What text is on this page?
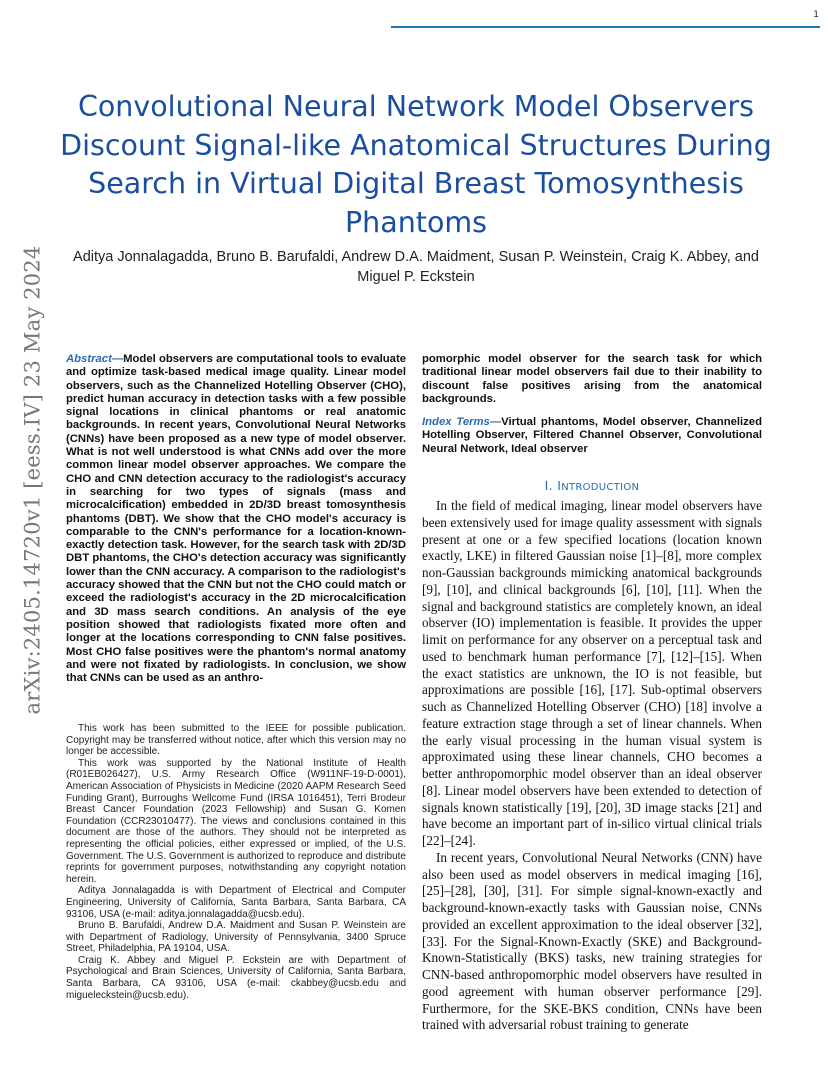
1
arXiv:2405.14720v1 [eess.IV] 23 May 2024
Convolutional Neural Network Model Observers Discount Signal-like Anatomical Structures During Search in Virtual Digital Breast Tomosynthesis Phantoms
Aditya Jonnalagadda, Bruno B. Barufaldi, Andrew D.A. Maidment, Susan P. Weinstein, Craig K. Abbey, and Miguel P. Eckstein
Abstract—Model observers are computational tools to evaluate and optimize task-based medical image quality. Linear model observers, such as the Channelized Hotelling Observer (CHO), predict human accuracy in detection tasks with a few possible signal locations in clinical phantoms or real anatomic backgrounds. In recent years, Convolutional Neural Networks (CNNs) have been proposed as a new type of model observer. What is not well understood is what CNNs add over the more common linear model observer approaches. We compare the CHO and CNN detection accuracy to the radiologist's accuracy in searching for two types of signals (mass and microcalcification) embedded in 2D/3D breast tomosynthesis phantoms (DBT). We show that the CHO model's accuracy is comparable to the CNN's performance for a location-known-exactly detection task. However, for the search task with 2D/3D DBT phantoms, the CHO's detection accuracy was significantly lower than the CNN accuracy. A comparison to the radiologist's accuracy showed that the CNN but not the CHO could match or exceed the radiologist's accuracy in the 2D microcalcification and 3D mass search conditions. An analysis of the eye position showed that radiologists fixated more often and longer at the locations corresponding to CNN false positives. Most CHO false positives were the phantom's normal anatomy and were not fixated by radiologists. In conclusion, we show that CNNs can be used as an anthro-
pomorphic model observer for the search task for which traditional linear model observers fail due to their inability to discount false positives arising from the anatomical backgrounds.
Index Terms—Virtual phantoms, Model observer, Channelized Hotelling Observer, Filtered Channel Observer, Convolutional Neural Network, Ideal observer

This work has been submitted to the IEEE for possible publication. Copyright may be transferred without notice, after which this version may no longer be accessible.

This work was supported by the National Institute of Health (R01EB026427), U.S. Army Research Office (W911NF-19-D-0001), American Association of Physicists in Medicine (2020 AAPM Research Seed Funding Grant), Burroughs Wellcome Fund (IRSA 1016451), Terri Brodeur Breast Cancer Foundation (2023 Fellowship) and Susan G. Komen Foundation (CCR23010477). The views and conclusions contained in this document are those of the authors. They should not be interpreted as representing the official policies, either expressed or implied, of the U.S. Government. The U.S. Government is authorized to reproduce and distribute reprints for government purposes, notwithstanding any copyright notation herein.

Aditya Jonnalagadda is with Department of Electrical and Computer Engineering, University of California, Santa Barbara, Santa Barbara, CA 93106, USA (e-mail: aditya.jonnalagadda@ucsb.edu).

Bruno B. Barufaldi, Andrew D.A. Maidment and Susan P. Weinstein are with Department of Radiology, University of Pennsylvania, 3400 Spruce Street, Philadelphia, PA 19104, USA.

Craig K. Abbey and Miguel P. Eckstein are with Department of Psychological and Brain Sciences, University of California, Santa Barbara, Santa Barbara, CA 93106, USA (e-mail: ckabbey@ucsb.edu and migueleckstein@ucsb.edu).

I. INTRODUCTION

In the field of medical imaging, linear model observers have been extensively used for image quality assessment with signals present at one or a few specified locations (location known exactly, LKE) in filtered Gaussian noise [1]–[8], more complex non-Gaussian backgrounds mimicking anatomical backgrounds [9], [10], and clinical backgrounds [6], [10], [11]. When the signal and background statistics are completely known, an ideal observer (IO) implementation is feasible. It provides the upper limit on performance for any observer on a perceptual task and used to benchmark human performance [7], [12]–[15]. When the exact statistics are unknown, the IO is not feasible, but approximations are possible [16], [17]. Sub-optimal observers such as Channelized Hotelling Observer (CHO) [18] involve a feature extraction stage through a set of linear channels. When the early visual processing in the human visual system is approximated using these linear channels, CHO becomes a better anthropomorphic model observer than an ideal observer [8]. Linear model observers have been extended to detection of signals known statistically [19], [20], 3D image stacks [21] and have become an important part of in-silico virtual clinical trials [22]–[24].

In recent years, Convolutional Neural Networks (CNN) have also been used as model observers in medical imaging [16], [25]–[28], [30], [31]. For simple signal-known-exactly and background-known-exactly tasks with Gaussian noise, CNNs provided an excellent approximation to the ideal observer [32], [33]. For the Signal-Known-Exactly (SKE) and Background-Known-Statistically (BKS) tasks, new training strategies for CNN-based anthropomorphic model observers have resulted in good agreement with human observer performance [29]. Furthermore, for the SKE-BKS condition, CNNs have been trained with adversarial robust training to generate
